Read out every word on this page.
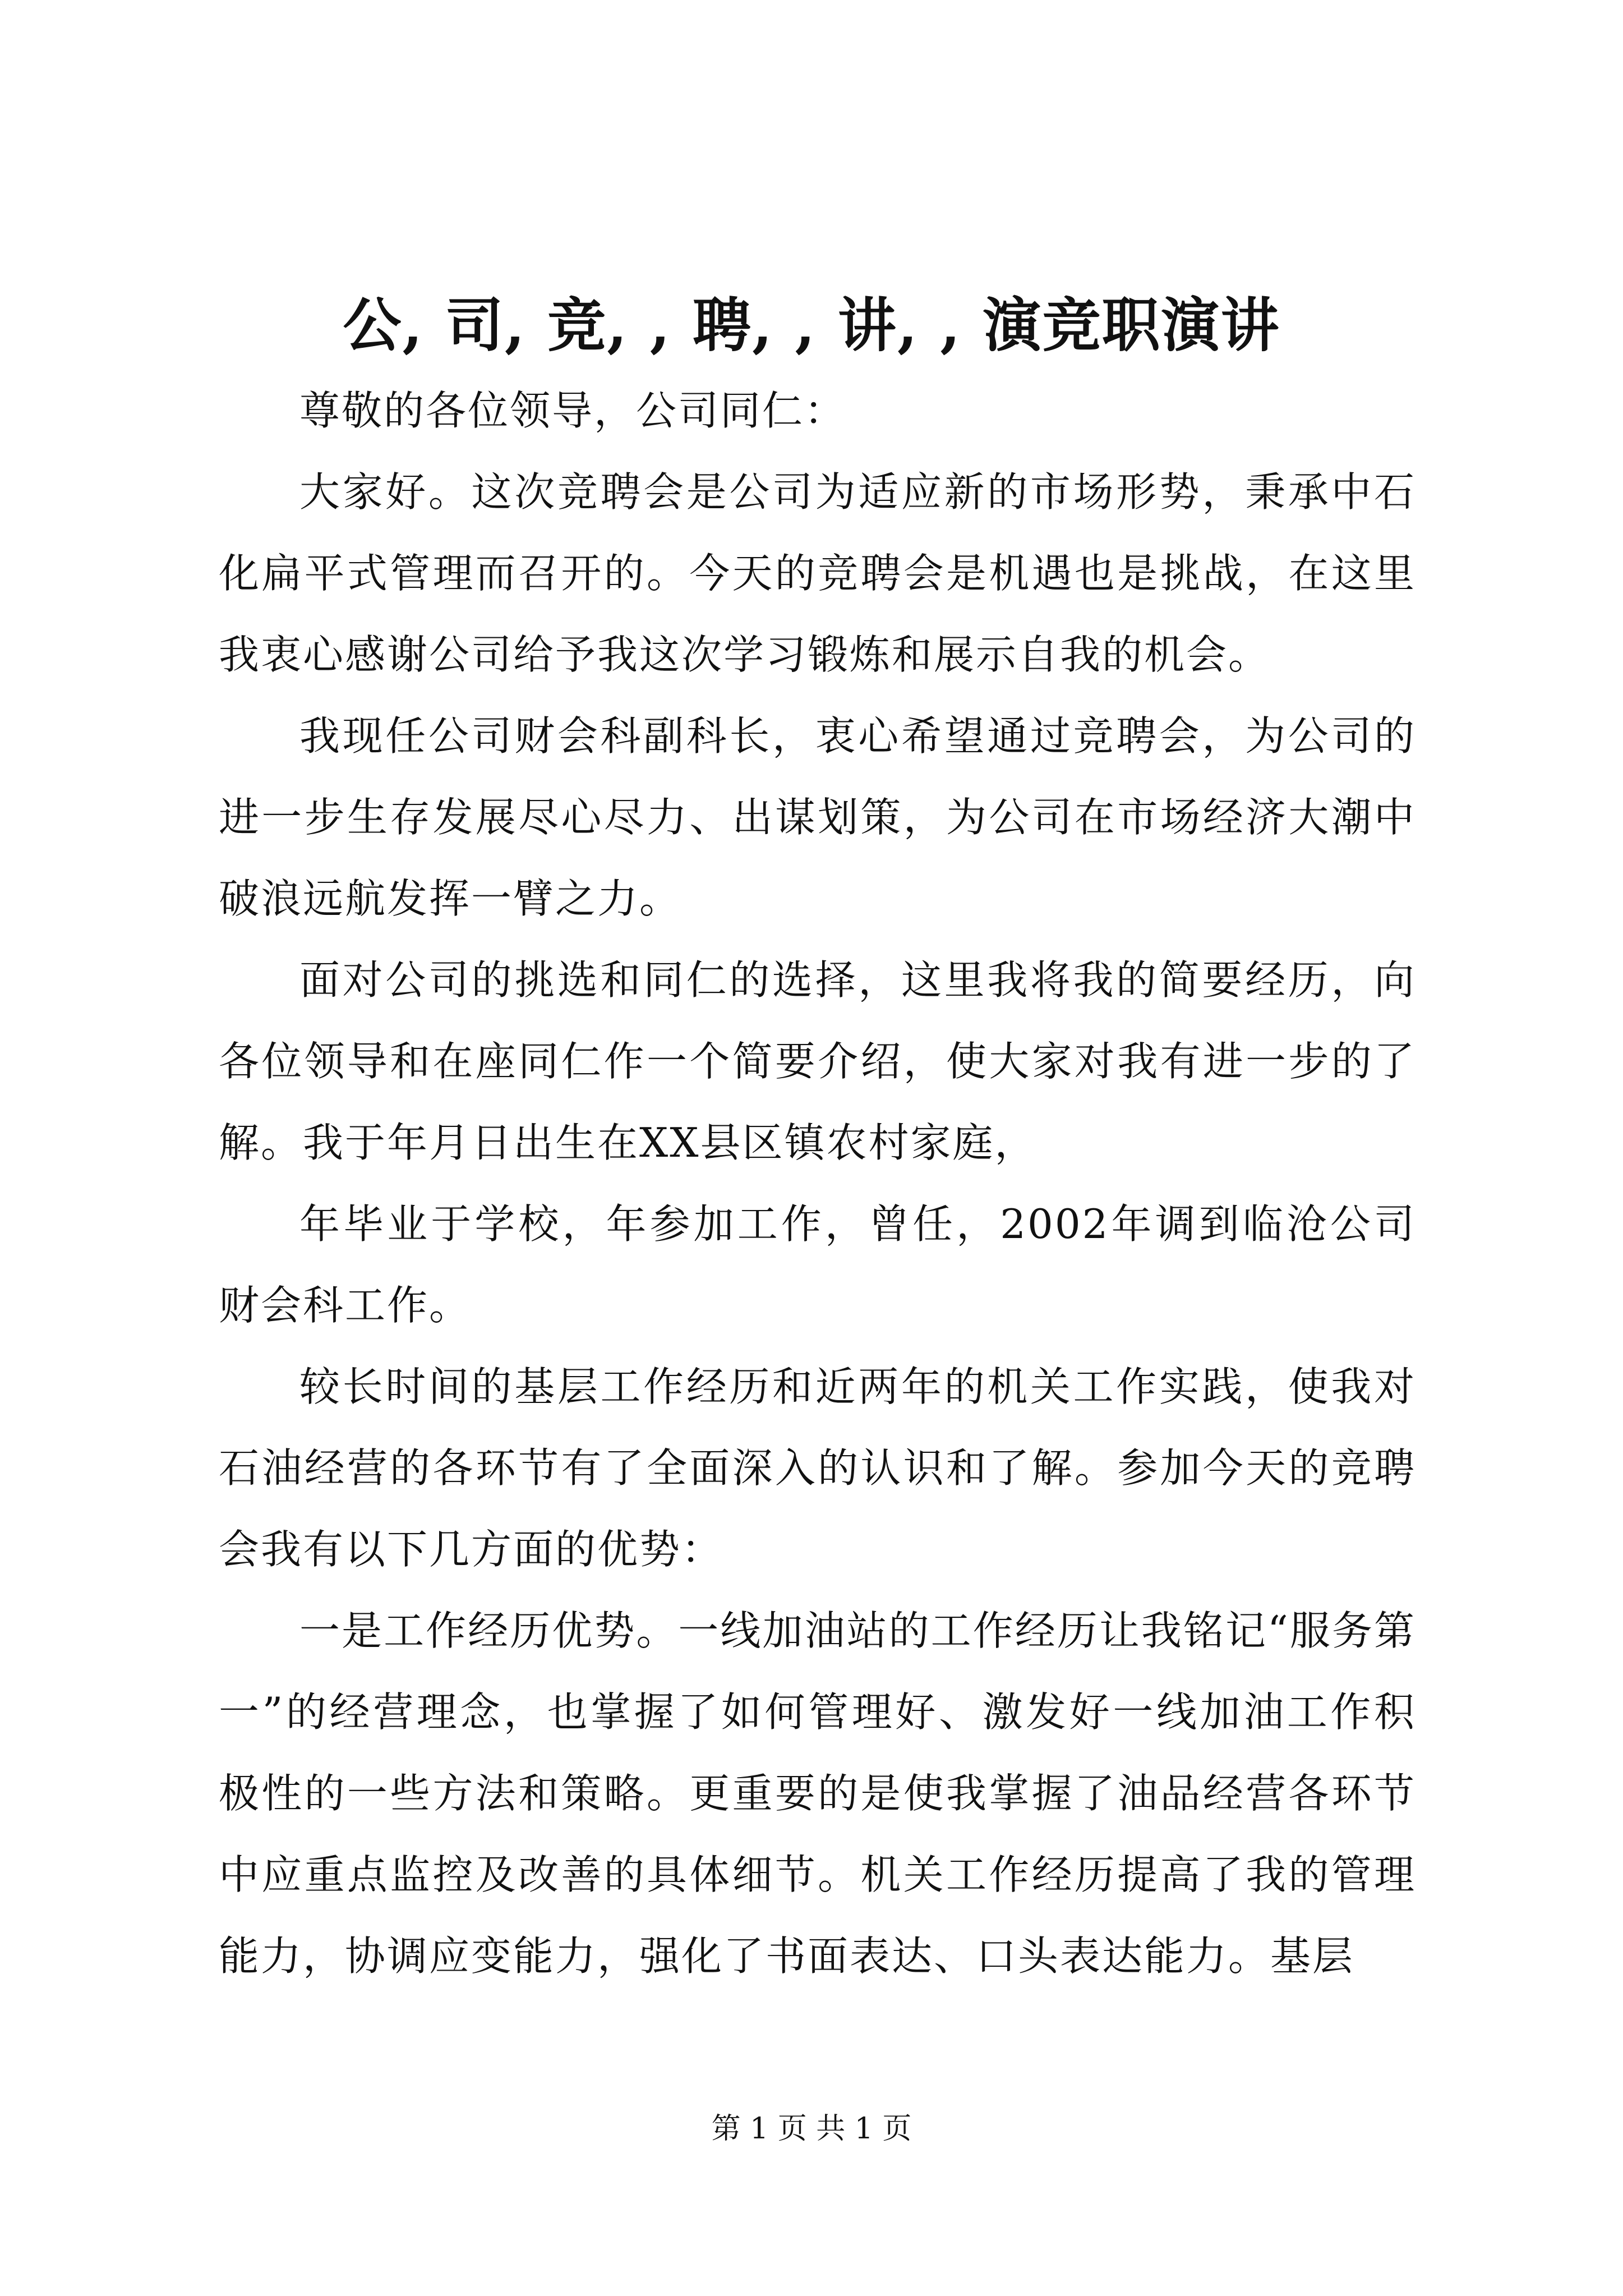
公, 司, 竞, , 聘, , 讲, , 演竞职演讲

尊敬的各位领导，公司同仁：

大家好。这次竞聘会是公司为适应新的市场形势，秉承中石化扁平式管理而召开的。今天的竞聘会是机遇也是挑战，在这里我衷心感谢公司给予我这次学习锻炼和展示自我的机会。

我现任公司财会科副科长，衷心希望通过竞聘会，为公司的进一步生存发展尽心尽力、出谋划策，为公司在市场经济大潮中破浪远航发挥一臂之力。

面对公司的挑选和同仁的选择，这里我将我的简要经历，向各位领导和在座同仁作一个简要介绍，使大家对我有进一步的了解。我于年月日出生在XX县区镇农村家庭，

年毕业于学校，年参加工作，曾任，2002年调到临沧公司财会科工作。

较长时间的基层工作经历和近两年的机关工作实践，使我对石油经营的各环节有了全面深入的认识和了解。参加今天的竞聘会我有以下几方面的优势：

一是工作经历优势。一线加油站的工作经历让我铭记“服务第一”的经营理念，也掌握了如何管理好、激发好一线加油工作积极性的一些方法和策略。更重要的是使我掌握了油品经营各环节中应重点监控及改善的具体细节。机关工作经历提高了我的管理能力，协调应变能力，强化了书面表达、口头表达能力。基层

第 1 页 共 1 页
